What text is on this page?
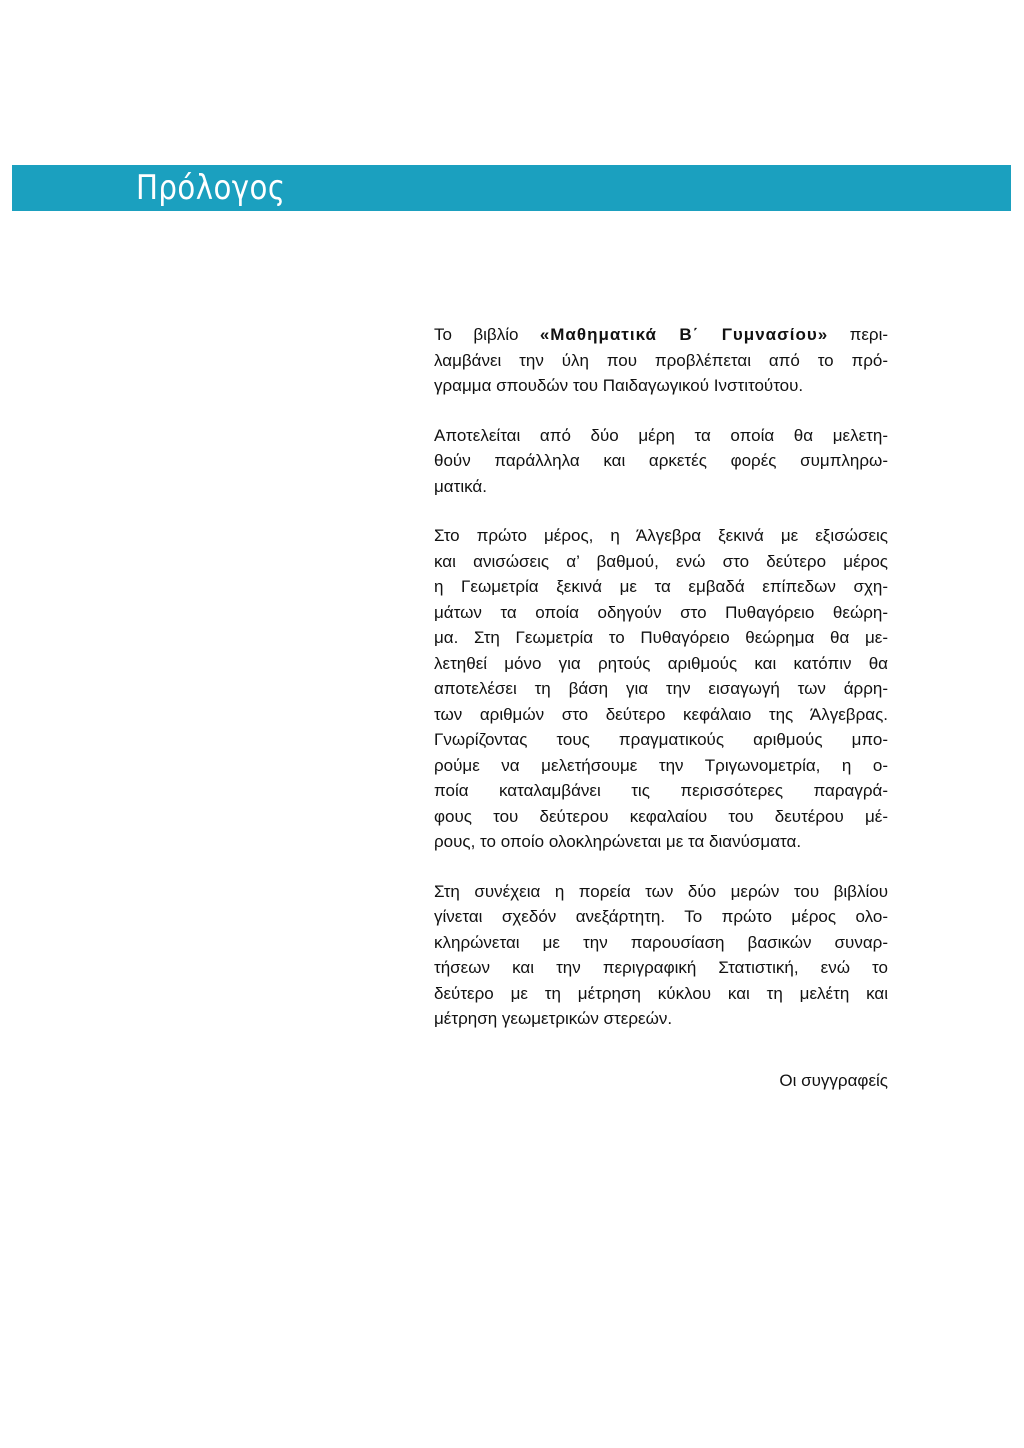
Πρόλογος

Το βιβλίο «Μαθηματικά Β΄ Γυμνασίου» περι-
λαμβάνει την ύλη που προβλέπεται από το πρό-
γραμμα σπουδών του Παιδαγωγικού Ινστιτούτου.

Αποτελείται από δύο μέρη τα οποία θα μελετη-
θούν παράλληλα και αρκετές φορές συμπληρω-
ματικά.

Στο πρώτο μέρος, η Άλγεβρα ξεκινά με εξισώσεις
και ανισώσεις α’ βαθμού, ενώ στο δεύτερο μέρος
η Γεωμετρία ξεκινά με τα εμβαδά επίπεδων σχη-
μάτων τα οποία οδηγούν στο Πυθαγόρειο θεώρη-
μα. Στη Γεωμετρία το Πυθαγόρειο θεώρημα θα με-
λετηθεί μόνο για ρητούς αριθμούς και κατόπιν θα
αποτελέσει τη βάση για την εισαγωγή των άρρη-
των αριθμών στο δεύτερο κεφάλαιο της Άλγεβρας.
Γνωρίζοντας τους πραγματικούς αριθμούς μπο-
ρούμε να μελετήσουμε την Τριγωνομετρία, η ο-
ποία καταλαμβάνει τις περισσότερες παραγρά-
φους του δεύτερου κεφαλαίου του δευτέρου μέ-
ρους, το οποίο ολοκληρώνεται με τα διανύσματα.

Στη συνέχεια η πορεία των δύο μερών του βιβλίου
γίνεται σχεδόν ανεξάρτητη. Το πρώτο μέρος ολο-
κληρώνεται με την παρουσίαση βασικών συναρ-
τήσεων και την περιγραφική Στατιστική, ενώ το
δεύτερο με τη μέτρηση κύκλου και τη μελέτη και
μέτρηση γεωμετρικών στερεών.

Οι συγγραφείς
